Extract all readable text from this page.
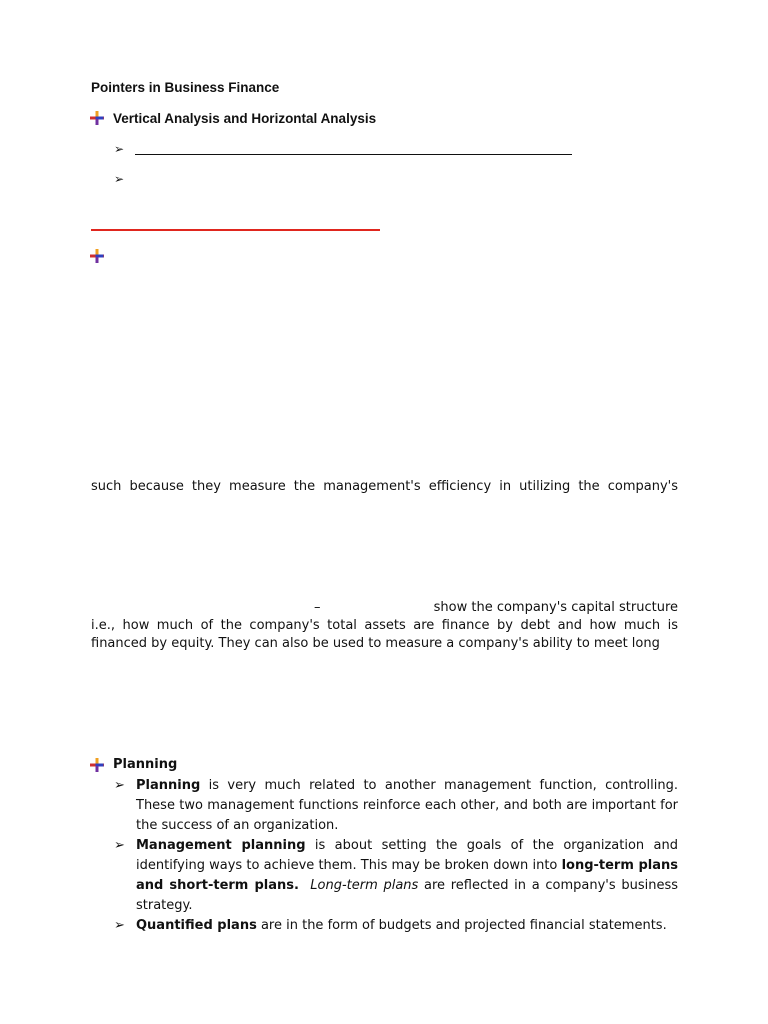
Pointers in Business Finance
Vertical Analysis and Horizontal Analysis
➢
➢
such because they measure the management's efficiency in utilizing the company's
–	show the company's capital structure
i.e., how much of the company's total assets are finance by debt and how much is
financed by equity. They can also be used to measure a company's ability to meet long
Planning
➢ Planning is very much related to another management function, controlling. These two management functions reinforce each other, and both are important for the success of an organization.
➢ Management planning is about setting the goals of the organization and identifying ways to achieve them. This may be broken down into long-term plans and short-term plans. Long-term plans are reflected in a company's business strategy.
➢ Quantified plans are in the form of budgets and projected financial statements.
